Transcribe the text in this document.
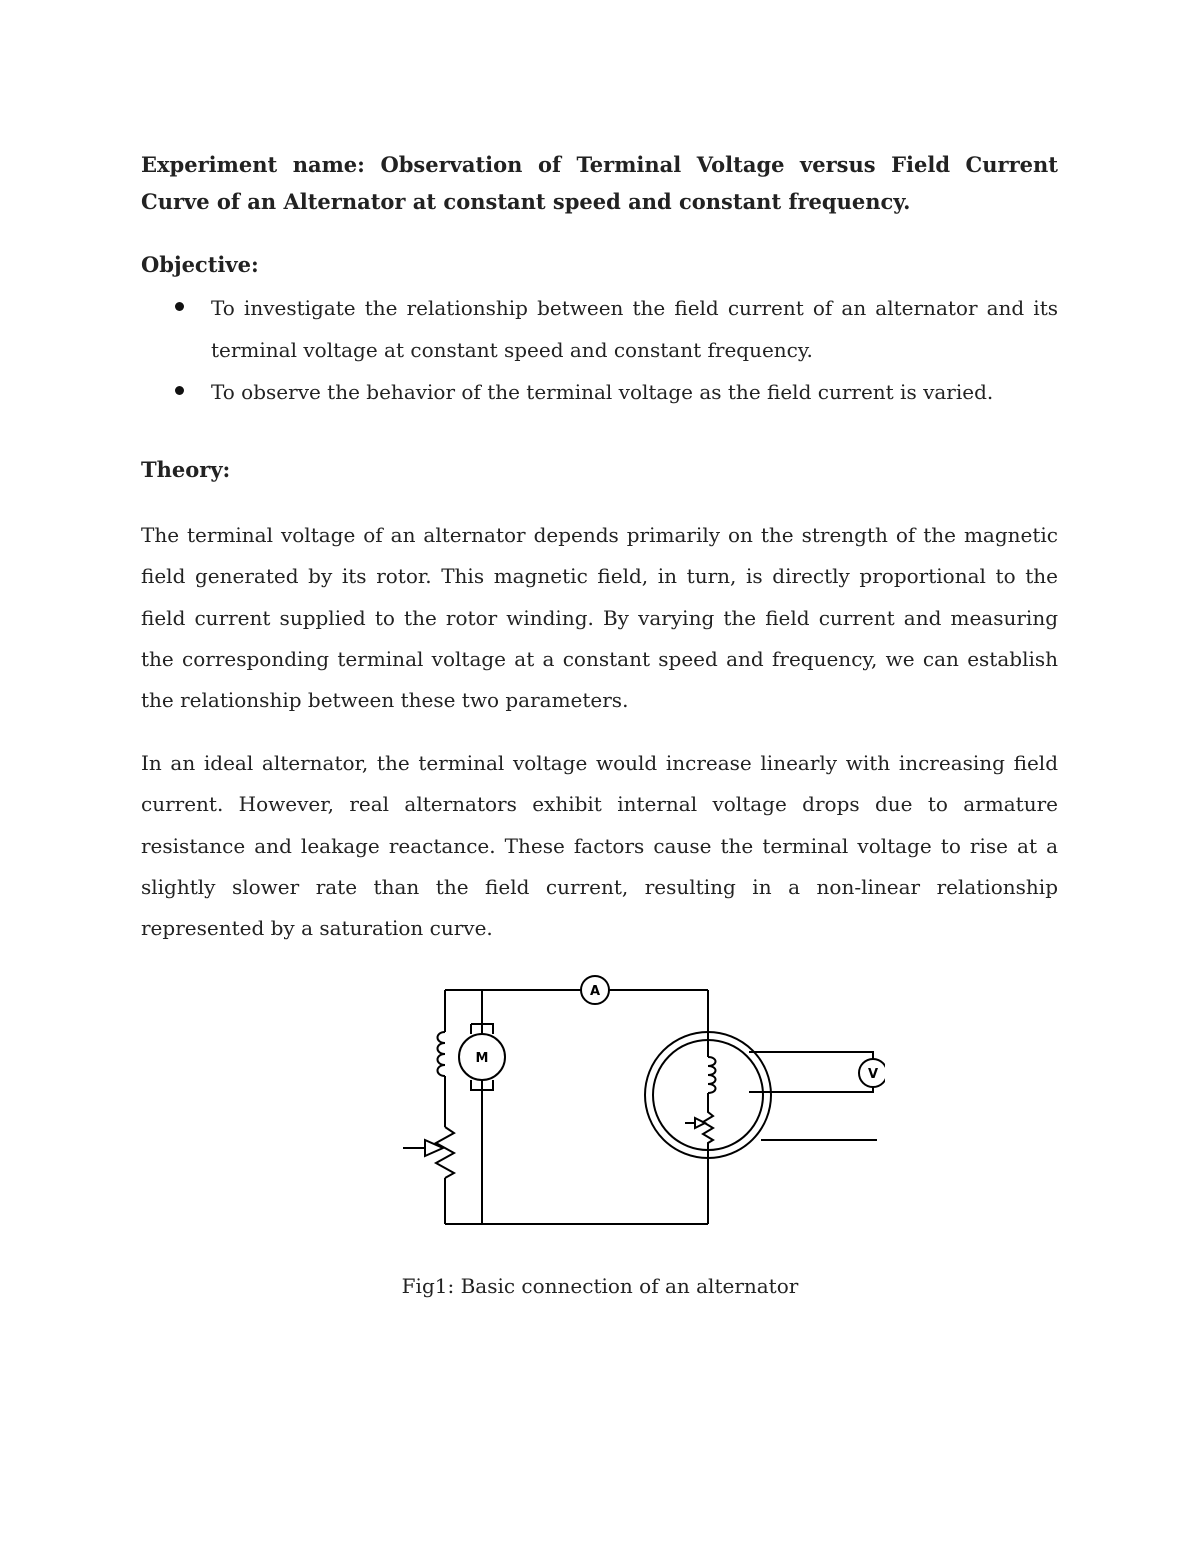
Experiment name: Observation of Terminal Voltage versus Field Current Curve of an Alternator at constant speed and constant frequency.
Objective:
To investigate the relationship between the field current of an alternator and its terminal voltage at constant speed and constant frequency.
To observe the behavior of the terminal voltage as the field current is varied.
Theory:

The terminal voltage of an alternator depends primarily on the strength of the magnetic field generated by its rotor. This magnetic field, in turn, is directly proportional to the field current supplied to the rotor winding. By varying the field current and measuring the corresponding terminal voltage at a constant speed and frequency, we can establish the relationship between these two parameters.

In an ideal alternator, the terminal voltage would increase linearly with increasing field current. However, real alternators exhibit internal voltage drops due to armature resistance and leakage reactance. These factors cause the terminal voltage to rise at a slightly slower rate than the field current, resulting in a non-linear relationship represented by a saturation curve.

A
M
V

Fig1: Basic connection of an alternator
